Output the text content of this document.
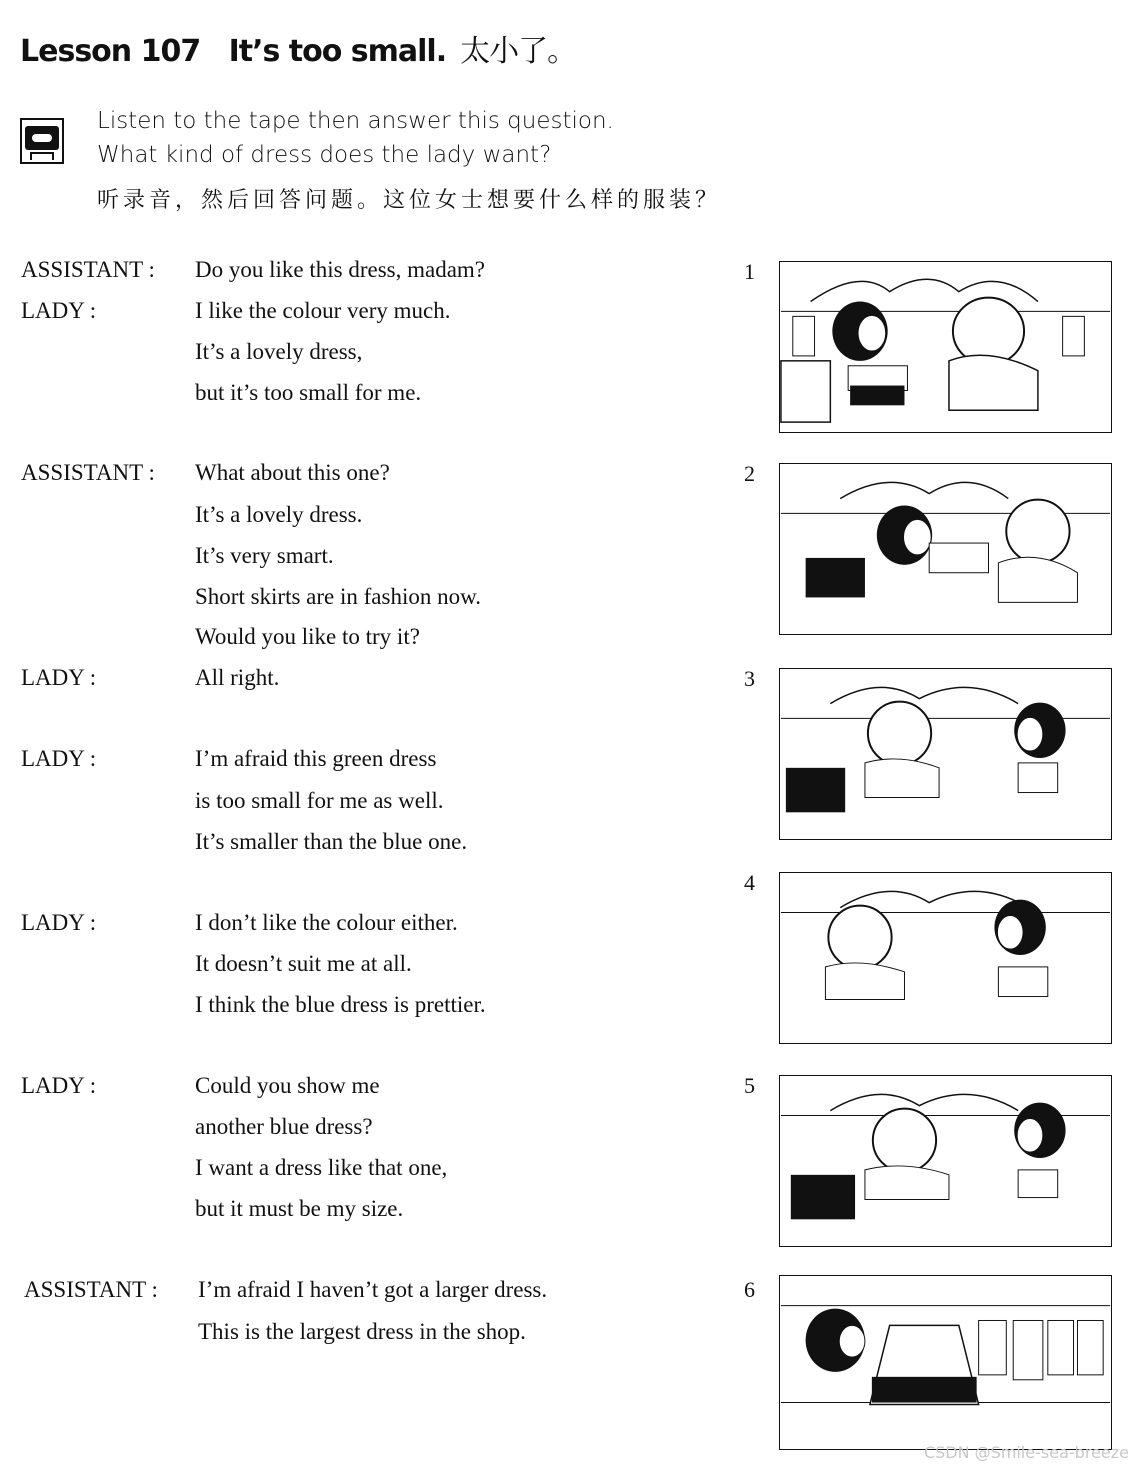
Lesson 107 It’s too small. 太小了。
Listen to the tape then answer this question.
What kind of dress does the lady want?
听录音，然后回答问题。这位女士想要什么样的服装？
ASSISTANT : Do you like this dress, madam?
LADY :	I like the colour very much.
It’s a lovely dress,
but it’s too small for me.
ASSISTANT : What about this one?
It’s a lovely dress.
It’s very smart.
Short skirts are in fashion now.
Would you like to try it?
LADY :	All right.
LADY :	I’m afraid this green dress
is too small for me as well.
It’s smaller than the blue one.
LADY :	I don’t like the colour either.
It doesn’t suit me at all.
I think the blue dress is prettier.
LADY :	Could you show me
another blue dress?
I want a dress like that one,
but it must be my size.
ASSISTANT : I’m afraid I haven’t got a larger dress.
This is the largest dress in the shop.
1
2
3
4
5
6
CSDN @Smile-sea-breeze
